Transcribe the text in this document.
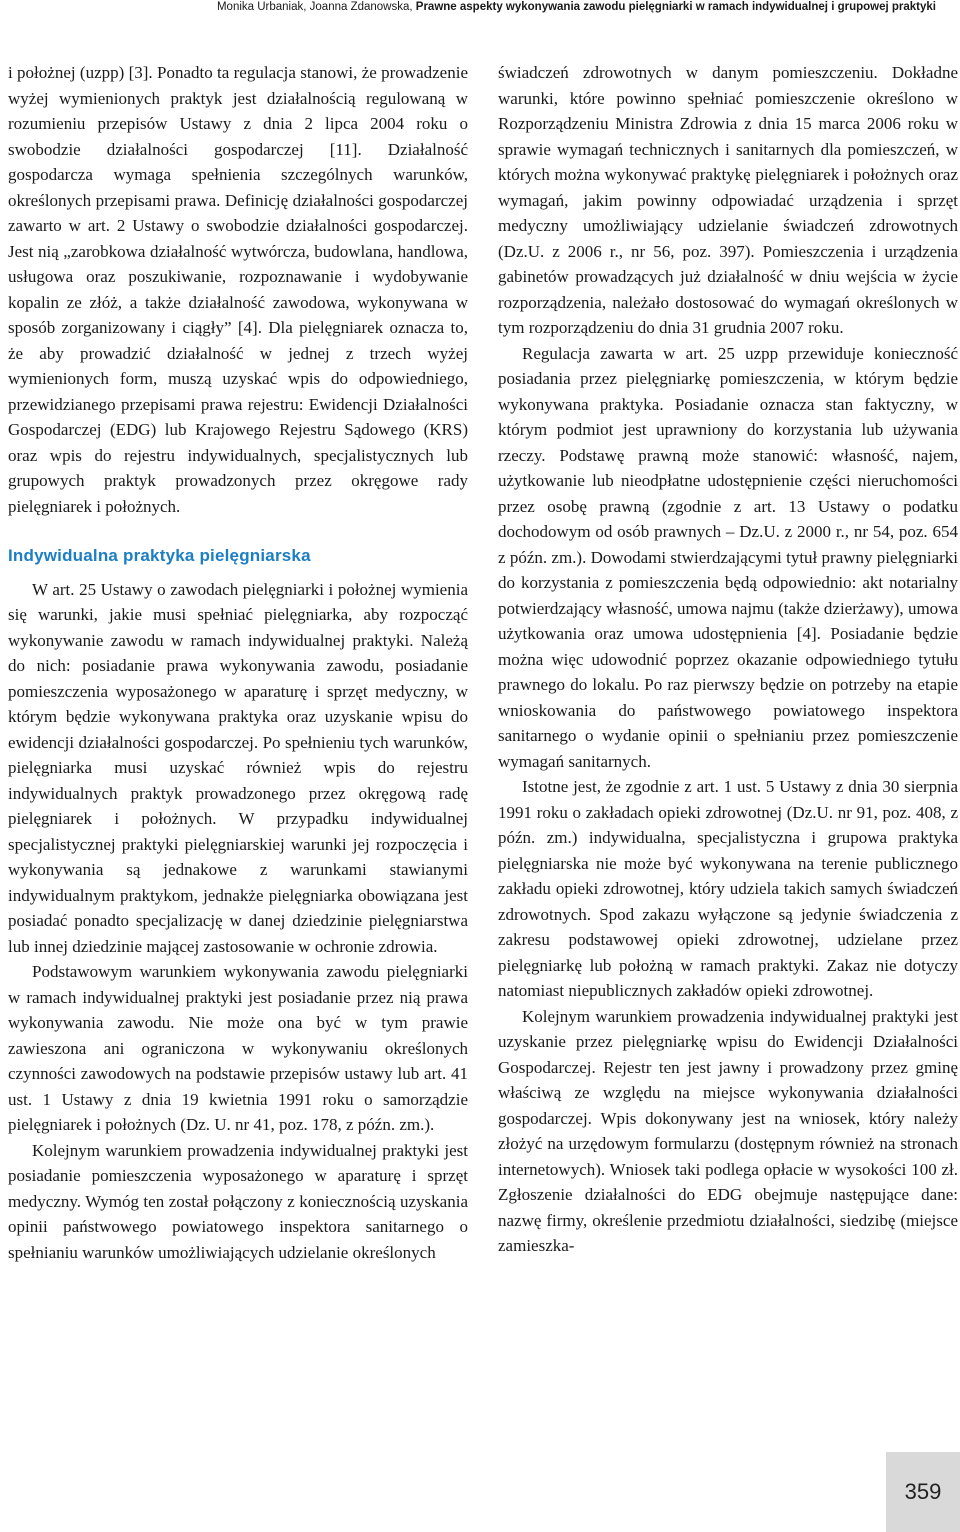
Monika Urbaniak, Joanna Zdanowska, Prawne aspekty wykonywania zawodu pielęgniarki w ramach indywidualnej i grupowej praktyki

i położnej (uzpp) [3]. Ponadto ta regulacja stanowi, że prowadzenie wyżej wymienionych praktyk jest działalnością regulowaną w rozumieniu przepisów Ustawy z dnia 2 lipca 2004 roku o swobodzie działalności gospodarczej [11]. Działalność gospodarcza wymaga spełnienia szczególnych warunków, określonych przepisami prawa. Definicję działalności gospodarczej zawarto w art. 2 Ustawy o swobodzie działalności gospodarczej. Jest nią „zarobkowa działalność wytwórcza, budowlana, handlowa, usługowa oraz poszukiwanie, rozpoznawanie i wydobywanie kopalin ze złóż, a także działalność zawodowa, wykonywana w sposób zorganizowany i ciągły” [4]. Dla pielęgniarek oznacza to, że aby prowadzić działalność w jednej z trzech wyżej wymienionych form, muszą uzyskać wpis do odpowiedniego, przewidzianego przepisami prawa rejestru: Ewidencji Działalności Gospodarczej (EDG) lub Krajowego Rejestru Sądowego (KRS) oraz wpis do rejestru indywidualnych, specjalistycznych lub grupowych praktyk prowadzonych przez okręgowe rady pielęgniarek i położnych.

Indywidualna praktyka pielęgniarska

W art. 25 Ustawy o zawodach pielęgniarki i położnej wymienia się warunki, jakie musi spełniać pielęgniarka, aby rozpocząć wykonywanie zawodu w ramach indywidualnej praktyki. Należą do nich: posiadanie prawa wykonywania zawodu, posiadanie pomieszczenia wyposażonego w aparaturę i sprzęt medyczny, w którym będzie wykonywana praktyka oraz uzyskanie wpisu do ewidencji działalności gospodarczej. Po spełnieniu tych warunków, pielęgniarka musi uzyskać również wpis do rejestru indywidualnych praktyk prowadzonego przez okręgową radę pielęgniarek i położnych. W przypadku indywidualnej specjalistycznej praktyki pielęgniarskiej warunki jej rozpoczęcia i wykonywania są jednakowe z warunkami stawianymi indywidualnym praktykom, jednakże pielęgniarka obowiązana jest posiadać ponadto specjalizację w danej dziedzinie pielęgniarstwa lub innej dziedzinie mającej zastosowanie w ochronie zdrowia.

Podstawowym warunkiem wykonywania zawodu pielęgniarki w ramach indywidualnej praktyki jest posiadanie przez nią prawa wykonywania zawodu. Nie może ona być w tym prawie zawieszona ani ograniczona w wykonywaniu określonych czynności zawodowych na podstawie przepisów ustawy lub art. 41 ust. 1 Ustawy z dnia 19 kwietnia 1991 roku o samorządzie pielęgniarek i położnych (Dz. U. nr 41, poz. 178, z późn. zm.).

Kolejnym warunkiem prowadzenia indywidualnej praktyki jest posiadanie pomieszczenia wyposażonego w aparaturę i sprzęt medyczny. Wymóg ten został połączony z koniecznością uzyskania opinii państwowego powiatowego inspektora sanitarnego o spełnianiu warunków umożliwiających udzielanie określonych

świadczeń zdrowotnych w danym pomieszczeniu. Dokładne warunki, które powinno spełniać pomieszczenie określono w Rozporządzeniu Ministra Zdrowia z dnia 15 marca 2006 roku w sprawie wymagań technicznych i sanitarnych dla pomieszczeń, w których można wykonywać praktykę pielęgniarek i położnych oraz wymagań, jakim powinny odpowiadać urządzenia i sprzęt medyczny umożliwiający udzielanie świadczeń zdrowotnych (Dz.U. z 2006 r., nr 56, poz. 397). Pomieszczenia i urządzenia gabinetów prowadzących już działalność w dniu wejścia w życie rozporządzenia, należało dostosować do wymagań określonych w tym rozporządzeniu do dnia 31 grudnia 2007 roku.

Regulacja zawarta w art. 25 uzpp przewiduje konieczność posiadania przez pielęgniarkę pomieszczenia, w którym będzie wykonywana praktyka. Posiadanie oznacza stan faktyczny, w którym podmiot jest uprawniony do korzystania lub używania rzeczy. Podstawę prawną może stanowić: własność, najem, użytkowanie lub nieodpłatne udostępnienie części nieruchomości przez osobę prawną (zgodnie z art. 13 Ustawy o podatku dochodowym od osób prawnych – Dz.U. z 2000 r., nr 54, poz. 654 z późn. zm.). Dowodami stwierdzającymi tytuł prawny pielęgniarki do korzystania z pomieszczenia będą odpowiednio: akt notarialny potwierdzający własność, umowa najmu (także dzierżawy), umowa użytkowania oraz umowa udostępnienia [4]. Posiadanie będzie można więc udowodnić poprzez okazanie odpowiedniego tytułu prawnego do lokalu. Po raz pierwszy będzie on potrzeby na etapie wnioskowania do państwowego powiatowego inspektora sanitarnego o wydanie opinii o spełnianiu przez pomieszczenie wymagań sanitarnych.

Istotne jest, że zgodnie z art. 1 ust. 5 Ustawy z dnia 30 sierpnia 1991 roku o zakładach opieki zdrowotnej (Dz.U. nr 91, poz. 408, z późn. zm.) indywidualna, specjalistyczna i grupowa praktyka pielęgniarska nie może być wykonywana na terenie publicznego zakładu opieki zdrowotnej, który udziela takich samych świadczeń zdrowotnych. Spod zakazu wyłączone są jedynie świadczenia z zakresu podstawowej opieki zdrowotnej, udzielane przez pielęgniarkę lub położną w ramach praktyki. Zakaz nie dotyczy natomiast niepublicznych zakładów opieki zdrowotnej.

Kolejnym warunkiem prowadzenia indywidualnej praktyki jest uzyskanie przez pielęgniarkę wpisu do Ewidencji Działalności Gospodarczej. Rejestr ten jest jawny i prowadzony przez gminę właściwą ze względu na miejsce wykonywania działalności gospodarczej. Wpis dokonywany jest na wniosek, który należy złożyć na urzędowym formularzu (dostępnym również na stronach internetowych). Wniosek taki podlega opłacie w wysokości 100 zł. Zgłoszenie działalności do EDG obejmuje następujące dane: nazwę firmy, określenie przedmiotu działalności, siedzibę (miejsce zamieszka-

359
